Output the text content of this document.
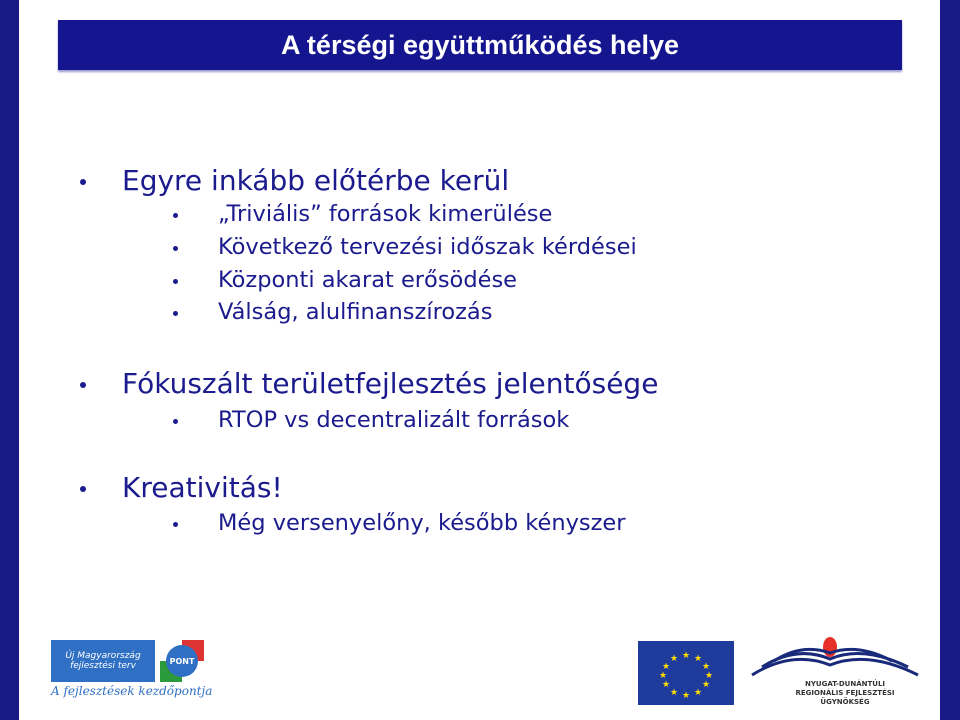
A térségi együttműködés helye
Egyre inkább előtérbe kerül
„Triviális” források kimerülése
Következő tervezési időszak kérdései
Központi akarat erősödése
Válság, alulfinanszírozás
Fókuszált területfejlesztés jelentősége
RTOP vs decentralizált források
Kreativitás!
Még versenyelőny, később kényszer
Új Magyarország fejlesztési terv	PONT
A fejlesztések kezdőpontja
★ ★
★
★
★
★
★
★
★
★
★
★
NYUGAT-DUNÁNTÚLI
REGIONÁLIS FEJLESZTÉSI ÜGYNÖKSÉG
